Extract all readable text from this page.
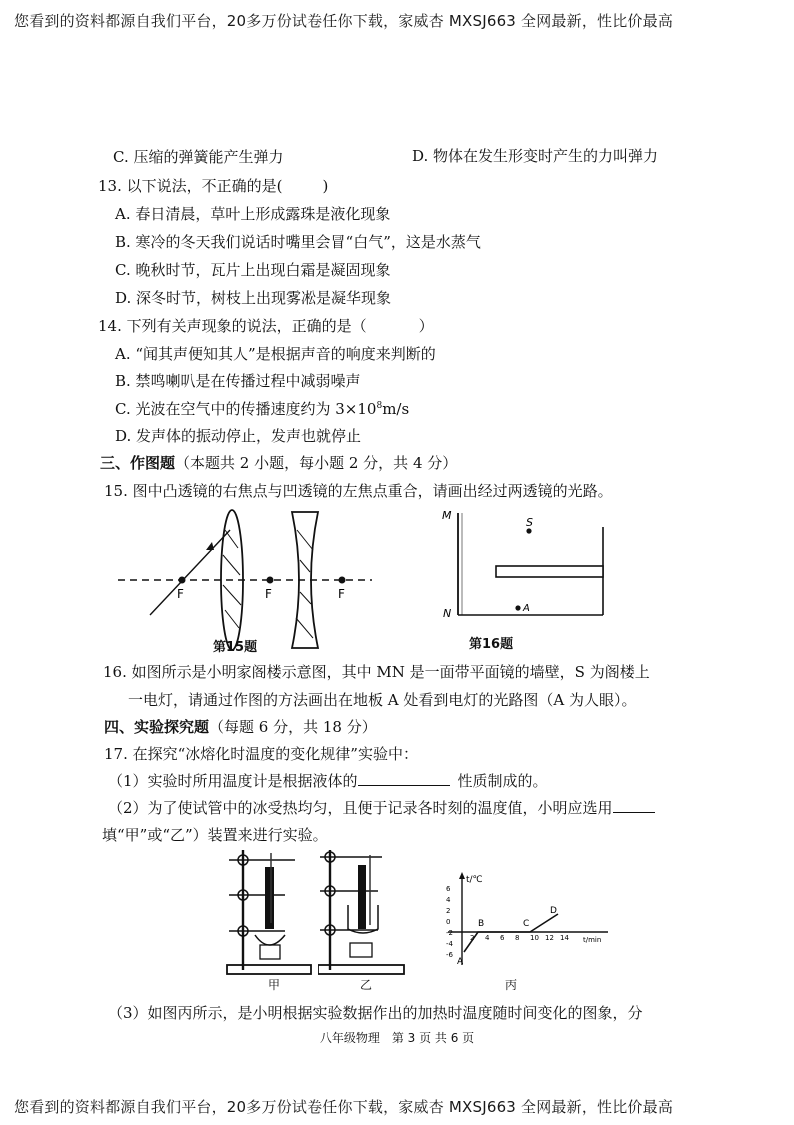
您看到的资料都源自我们平台，20多万份试卷任你下载，家威杏 MXSJ663 全网最新，性比价最高
C. 压缩的弹簧能产生弹力	D. 物体在发生形变时产生的力叫弹力
13. 以下说法，不正确的是(	)
A. 春日清晨，草叶上形成露珠是液化现象
B. 寒冷的冬天我们说话时嘴里会冒“白气”，这是水蒸气
C. 晚秋时节，瓦片上出现白霜是凝固现象
D. 深冬时节，树枝上出现雾凇是凝华现象
14. 下列有关声现象的说法，正确的是（	）
A. “闻其声便知其人”是根据声音的响度来判断的
B. 禁鸣喇叭是在传播过程中减弱噪声
C. 光波在空气中的传播速度约为 $3\times 10^8m/s$
D. 发声体的振动停止，发声也就停止
三、作图题（本题共 2 小题，每小题 2 分，共 4 分）
15. 图中凸透镜的右焦点与凹透镜的左焦点重合，请画出经过两透镜的光路。
F	F	F
第15题
M
N
S
A
第16题
16. 如图所示是小明家阁楼示意图，其中 MN 是一面带平面镜的墙壁，S 为阁楼上
一电灯，请通过作图的方法画出在地板 A 处看到电灯的光路图（A 为人眼）。
四、实验探究题（每题 6 分，共 18 分）
17. 在探究“冰熔化时温度的变化规律”实验中：
（1）实验时所用温度计是根据液体的	性质制成的。
（2）为了使试管中的冰受热均匀，且便于记录各时刻的温度值，小明应选用
填“甲”或“乙”）装置来进行实验。
甲	乙
t/℃
t/min
6
4
2
0
-2
-4
-6
2 4 6 8 10 12 14
A
B	C
D
丙
（3）如图丙所示，是小明根据实验数据作出的加热时温度随时间变化的图象，分
八年级物理　第 3 页 共 6 页
您看到的资料都源自我们平台，20多万份试卷任你下载，家威杏 MXSJ663 全网最新，性比价最高
